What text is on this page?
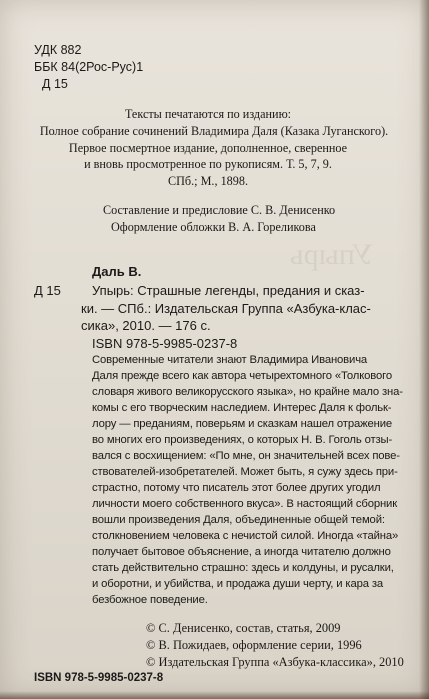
Упырь
УДК 882
ББК 84(2Рос-Рус)1
Д 15
Тексты печатаются по изданию:
Полное собрание сочинений Владимира Даля (Казака Луганского).
Первое посмертное издание, дополненное, сверенное
и вновь просмотренное по рукописям. Т. 5, 7, 9.
СПб.; М., 1898.
Составление и предисловие С. В. Денисенко
Оформление обложки В. А. Гореликова
Даль В.
Д 15 Упырь: Страшные легенды, предания и сказ-
ки. — СПб.: Издательская Группа «Азбука-клас-
сика», 2010. — 176 с.
ISBN 978-5-9985-0237-8
Современные читатели знают Владимира Ивановича
Даля прежде всего как автора четырехтомного «Толкового
словаря живого великорусского языка», но крайне мало зна-
комы с его творческим наследием. Интерес Даля к фольк-
лору — преданиям, поверьям и сказкам нашел отражение
во многих его произведениях, о которых Н. В. Гоголь отзы-
вался с восхищением: «По мне, он значительней всех пове-
ствователей-изобретателей. Может быть, я сужу здесь при-
страстно, потому что писатель этот более других угодил
личности моего собственного вкуса». В настоящий сборник
вошли произведения Даля, объединенные общей темой:
столкновением человека с нечистой силой. Иногда «тайна»
получает бытовое объяснение, а иногда читателю должно
стать действительно страшно: здесь и колдуны, и русалки,
и оборотни, и убийства, и продажа души черту, и кара за
безбожное поведение.
© С. Денисенко, состав, статья, 2009
© В. Пожидаев, оформление серии, 1996
© Издательская Группа «Азбука-классика», 2010
ISBN 978-5-9985-0237-8
